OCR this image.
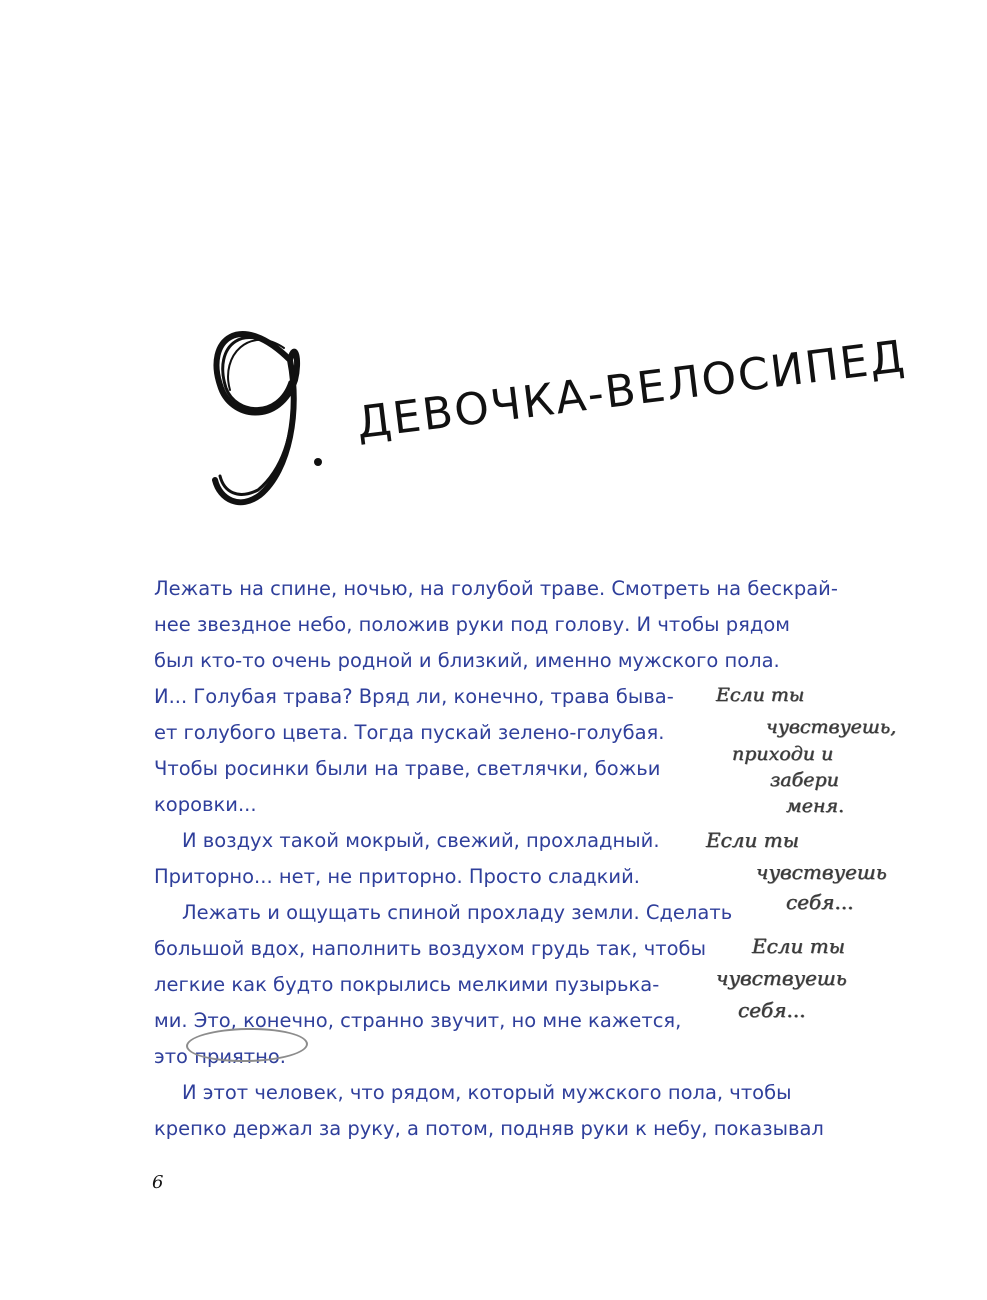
ДЕВОЧКА-ВЕЛОСИПЕД
Лежать на спине, ночью, на голубой траве. Смотреть на бескрай-
нее звездное небо, положив руки под голову. И чтобы рядом
был кто-то очень родной и близкий, именно мужского пола.
И... Голубая трава? Вряд ли, конечно, трава быва-
ет голубого цвета. Тогда пускай зелено-голубая.
Чтобы росинки были на траве, светлячки, божьи
коровки...
И воздух такой мокрый, свежий, прохладный.
Приторно... нет, не приторно. Просто сладкий.
Лежать и ощущать спиной прохладу земли. Сделать
большой вдох, наполнить воздухом грудь так, чтобы
легкие как будто покрылись мелкими пузырька-
ми. Это, конечно, странно звучит, но мне кажется,
это приятно.
И этот человек, что рядом, который мужского пола, чтобы
крепко держал за руку, а потом, подняв руки к небу, показывал
Если ты
чувствуешь,
приходи и
забери
меня.
Если ты
чувствуешь
себя...
Если ты
чувствуешь
себя...
6
